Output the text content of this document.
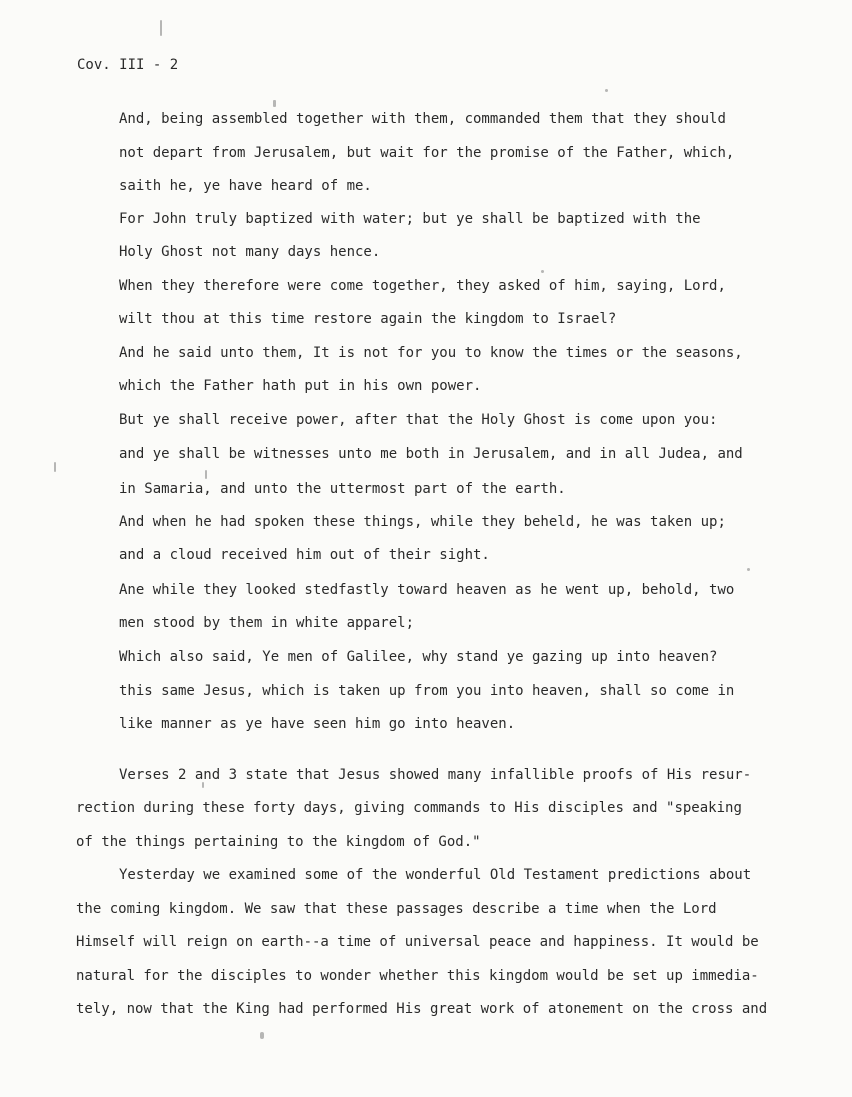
Cov. III - 2
And, being assembled together with them, commanded them that they should
not depart from Jerusalem, but wait for the promise of the Father, which,
saith he, ye have heard of me.
For John truly baptized with water; but ye shall be baptized with the
Holy Ghost not many days hence.
When they therefore were come together, they asked of him, saying, Lord,
wilt thou at this time restore again the kingdom to Israel?
And he said unto them, It is not for you to know the times or the seasons,
which the Father hath put in his own power.
But ye shall receive power, after that the Holy Ghost is come upon you:
and ye shall be witnesses unto me both in Jerusalem, and in all Judea, and
in Samaria, and unto the uttermost part of the earth.
And when he had spoken these things, while they beheld, he was taken up;
and a cloud received him out of their sight.
Ane while they looked stedfastly toward heaven as he went up, behold, two
men stood by them in white apparel;
Which also said, Ye men of Galilee, why stand ye gazing up into heaven?
this same Jesus, which is taken up from you into heaven, shall so come in
like manner as ye have seen him go into heaven.
Verses 2 and 3 state that Jesus showed many infallible proofs of His resur-
rection during these forty days, giving commands to His disciples and "speaking
of the things pertaining to the kingdom of God."
Yesterday we examined some of the wonderful Old Testament predictions about
the coming kingdom. We saw that these passages describe a time when the Lord
Himself will reign on earth--a time of universal peace and happiness. It would be
natural for the disciples to wonder whether this kingdom would be set up immedia-
tely, now that the King had performed His great work of atonement on the cross and
